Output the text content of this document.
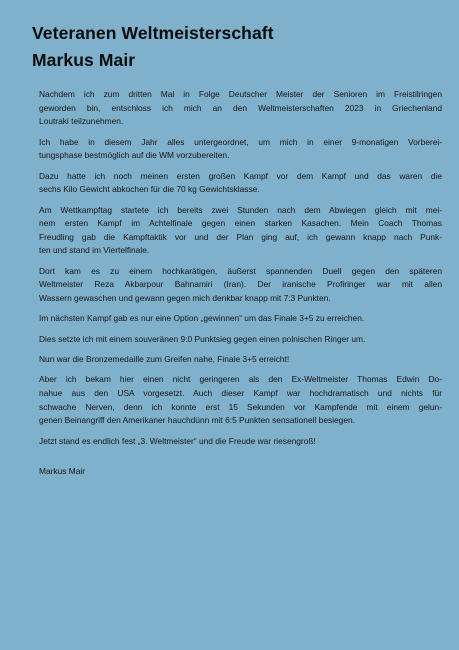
Veteranen Weltmeisterschaft
Markus Mair
Nachdem ich zum dritten Mal in Folge Deutscher Meister der Senioren im Freistilringen
geworden bin, entschloss ich mich an den Weltmeisterschaften 2023 in Griechenland
Loutraki teilzunehmen.
Ich habe in diesem Jahr alles untergeordnet, um mich in einer 9-monatigen Vorberei-
tungsphase bestmöglich auf die WM vorzubereiten.
Dazu hatte ich noch meinen ersten großen Kampf vor dem Kampf und das waren die
sechs Kilo Gewicht abkochen für die 70 kg Gewichtsklasse.
Am Wettkampftag startete ich bereits zwei Stunden nach dem Abwiegen gleich mit mei-
nem ersten Kampf im Achtelfinale gegen einen starken Kasachen. Mein Coach Thomas
Freudling gab die Kampftaktik vor und der Plan ging auf, ich gewann knapp nach Punk-
ten und stand im Viertelfinale.
Dort kam es zu einem hochkarätigen, äußerst spannenden Duell gegen den späteren
Weltmeister Reza Akbarpour Bahnamiri (Iran). Der iranische Profiringer war mit allen
Wassern gewaschen und gewann gegen mich denkbar knapp mit 7:3 Punkten.
Im nächsten Kampf gab es nur eine Option „gewinnen“ um das Finale 3+5 zu erreichen.
Dies setzte ich mit einem souveränen 9:0 Punktsieg gegen einen polnischen Ringer um.
Nun war die Bronzemedaille zum Greifen nahe, Finale 3+5 erreicht!
Aber ich bekam hier einen nicht geringeren als den Ex-Weltmeister Thomas Edwin Do-
nahue aus den USA vorgesetzt. Auch dieser Kampf war hochdramatisch und nichts für
schwache Nerven, denn ich konnte erst 15 Sekunden vor Kampfende mit einem gelun-
genen Beinangriff den Amerikaner hauchdünn mit 6:5 Punkten sensationell besiegen.
Jetzt stand es endlich fest „3. Weltmeister“ und die Freude war riesengroß!
Markus Mair
